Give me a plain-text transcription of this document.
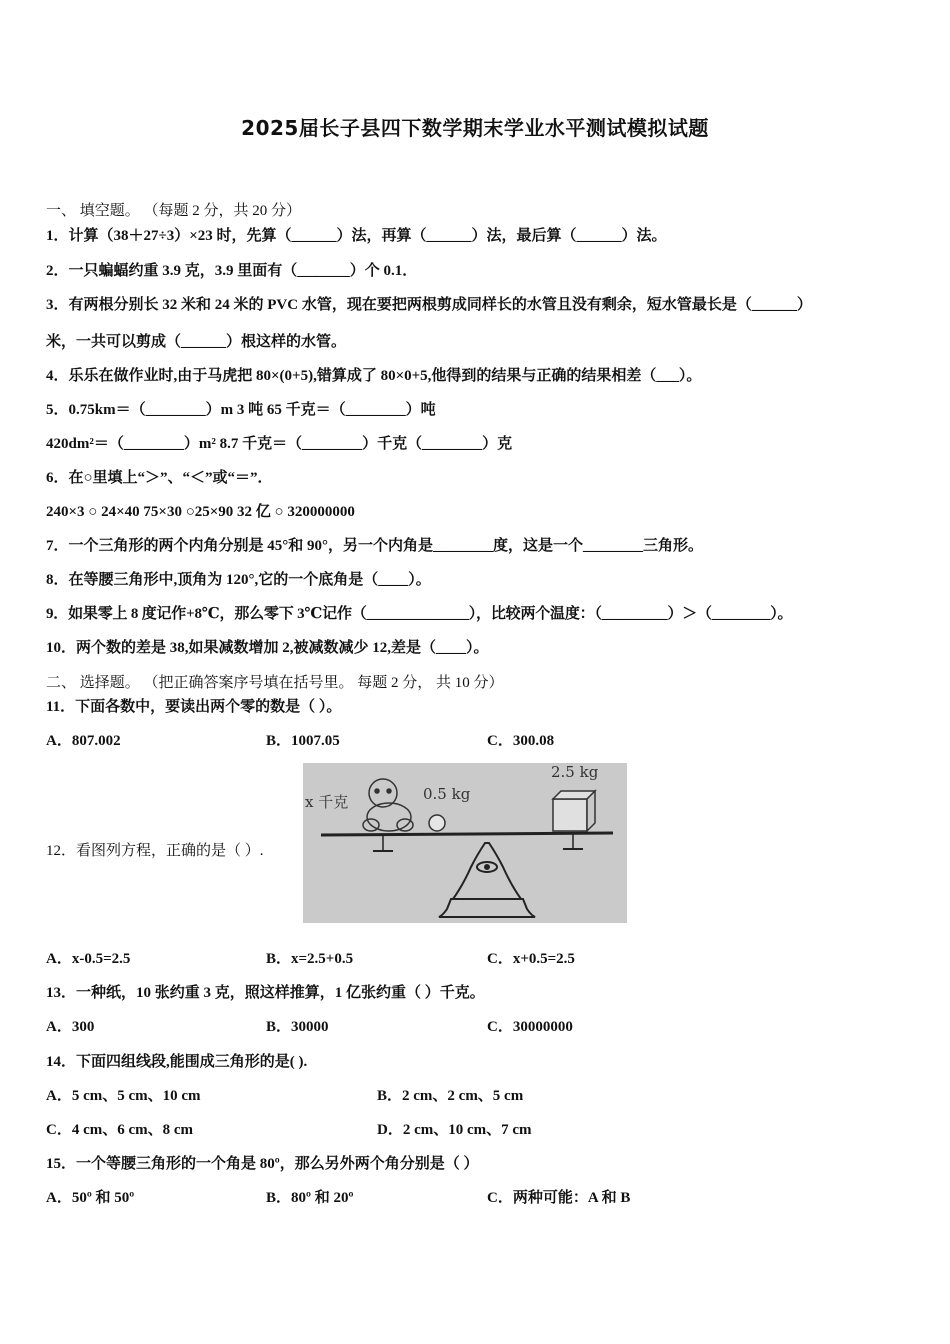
2025届长子县四下数学期末学业水平测试模拟试题
一、 填空题。 （每题 2 分，共 20 分）
1．计算（38＋27÷3）×23 时，先算（______）法，再算（______）法，最后算（______）法。
2．一只蝙蝠约重 3.9 克，3.9 里面有（_______）个 0.1．
3．有两根分别长 32 米和 24 米的 PVC 水管，现在要把两根剪成同样长的水管且没有剩余，短水管最长是（______）
米，一共可以剪成（______）根这样的水管。
4．乐乐在做作业时,由于马虎把 80×(0+5),错算成了 80×0+5,他得到的结果与正确的结果相差（___）。
5．0.75km＝（________）m 3 吨 65 千克＝（________）吨
420dm²＝（________）m² 8.7 千克＝（________）千克（________）克
6．在○里填上“＞”、“＜”或“＝”．
240×3 ○ 24×40 75×30 ○25×90 32 亿 ○ 320000000
7．一个三角形的两个内角分别是 45°和 90°，另一个内角是________度，这是一个________三角形。
8．在等腰三角形中,顶角为 120°,它的一个底角是（____）。
9．如果零上 8 度记作+8℃，那么零下 3℃记作（______________），比较两个温度：（_________）＞（________）。
10．两个数的差是 38,如果减数增加 2,被减数减少 12,差是（____）。
二、 选择题。 （把正确答案序号填在括号里。 每题 2 分， 共 10 分）
11．下面各数中，要读出两个零的数是（ ）。
A．807.002	B．1007.05	C．300.08
12．看图列方程，正确的是（ ）.
x 千克	0.5 kg
2.5 kg
A．x-0.5=2.5	B．x=2.5+0.5	C．x+0.5=2.5
13．一种纸，10 张约重 3 克，照这样推算，1 亿张约重（ ）千克。
A．300	B．30000	C．30000000
14．下面四组线段,能围成三角形的是( ).
A．5 cm、5 cm、10 cm	B．2 cm、2 cm、5 cm
C．4 cm、6 cm、8 cm	D．2 cm、10 cm、7 cm
15．一个等腰三角形的一个角是 80º，那么另外两个角分别是（ ）
A．50º 和 50º	B．80º 和 20º	C．两种可能：A 和 B
